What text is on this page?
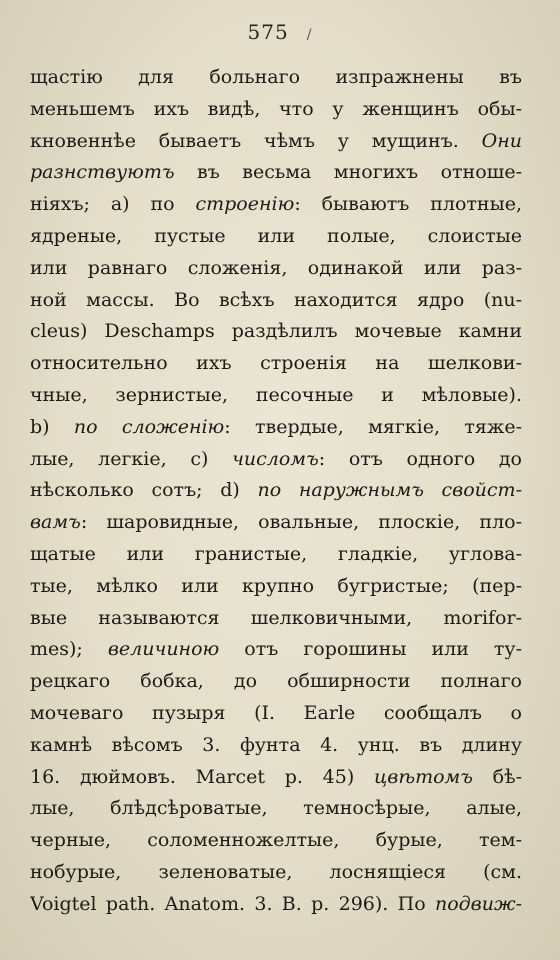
575 /
щастію для больнаго изпражнены въ
меньшемъ ихъ видѣ, что у женщинъ обы-
кновеннѣе бываетъ чѣмъ у мущинъ. Они
разнствуютъ въ весьма многихъ отноше-
ніяхъ; а) по строенію: бываютъ плотные,
ядреные, пустые или полые, слоистые
или равнаго сложенія, одинакой или раз-
ной массы. Во всѣхъ находится ядро (nu-
cleus) Deschamps раздѣлилъ мочевые камни
относительно ихъ строенія на шелкови-
чные, зернистые, песочные и мѣловые).
b) по сложенію: твердые, мягкіе, тяже-
лые, легкіе, c) числомъ: отъ одного до
нѣсколько сотъ; d) по наружнымъ свойст-
вамъ: шаровидные, овальные, плоскіе, пло-
щатые или гранистые, гладкіе, углова-
тые, мѣлко или крупно бугристые; (пер-
вые называются шелковичными, morifor-
mes); величиною отъ горошины или ту-
рецкаго бобка, до обширности полнаго
мочеваго пузыря (I. Earle сообщалъ о
камнѣ вѣсомъ 3. фунта 4. унц. въ длину
16. дюймовъ. Marcet p. 45) цвѣтомъ бѣ-
лые, блѣдсѣроватые, темносѣрые, алые,
черные, соломенножелтые, бурые, тем-
нобурые, зеленоватые, лоснящіеся (см.
Voigtel path. Anatom. 3. B. p. 296). По подвиж-
